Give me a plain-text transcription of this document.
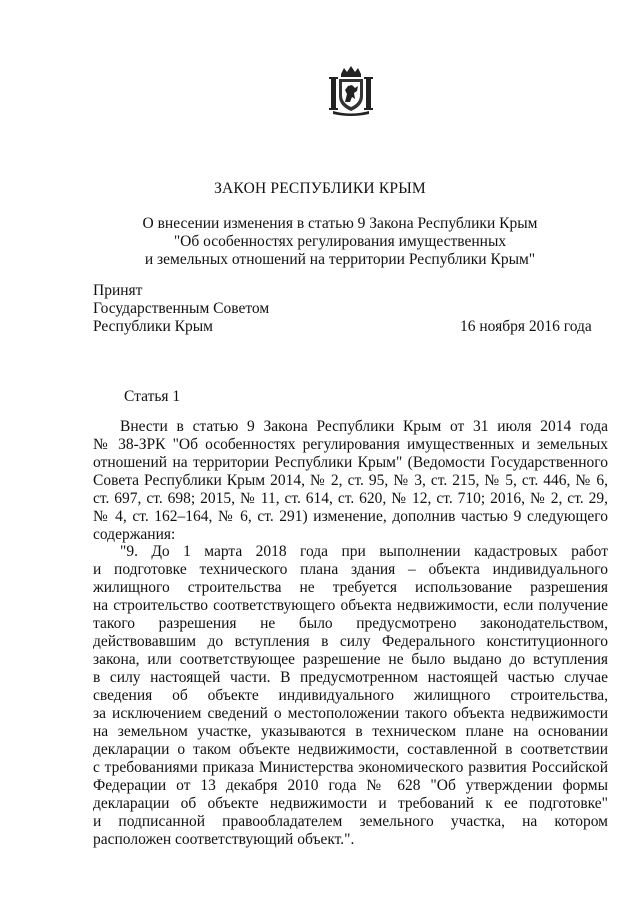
ЗАКОН РЕСПУБЛИКИ КРЫМ
О внесении изменения в статью 9 Закона Республики Крым
"Об особенностях регулирования имущественных
и земельных отношений на территории Республики Крым"
Принят
Государственным Советом
Республики Крым	16 ноября 2016 года
Статья 1
Внести в статью 9 Закона Республики Крым от 31 июля 2014 года
№ 38-ЗРК "Об особенностях регулирования имущественных и земельных
отношений на территории Республики Крым" (Ведомости Государственного
Совета Республики Крым 2014, № 2, ст. 95, № 3, ст. 215, № 5, ст. 446, № 6,
ст. 697, ст. 698; 2015, № 11, ст. 614, ст. 620, № 12, ст. 710; 2016, № 2, ст. 29,
№ 4, ст. 162–164, № 6, ст. 291) изменение, дополнив частью 9 следующего
содержания:
"9. До 1 марта 2018 года при выполнении кадастровых работ
и подготовке технического плана здания – объекта индивидуального
жилищного строительства не требуется использование разрешения
на строительство соответствующего объекта недвижимости, если получение
такого разрешения не было предусмотрено законодательством,
действовавшим до вступления в силу Федерального конституционного
закона, или соответствующее разрешение не было выдано до вступления
в силу настоящей части. В предусмотренном настоящей частью случае
сведения об объекте индивидуального жилищного строительства,
за исключением сведений о местоположении такого объекта недвижимости
на земельном участке, указываются в техническом плане на основании
декларации о таком объекте недвижимости, составленной в соответствии
с требованиями приказа Министерства экономического развития Российской
Федерации от 13 декабря 2010 года № 628 "Об утверждении формы
декларации об объекте недвижимости и требований к ее подготовке"
и подписанной правообладателем земельного участка, на котором
расположен соответствующий объект.".
